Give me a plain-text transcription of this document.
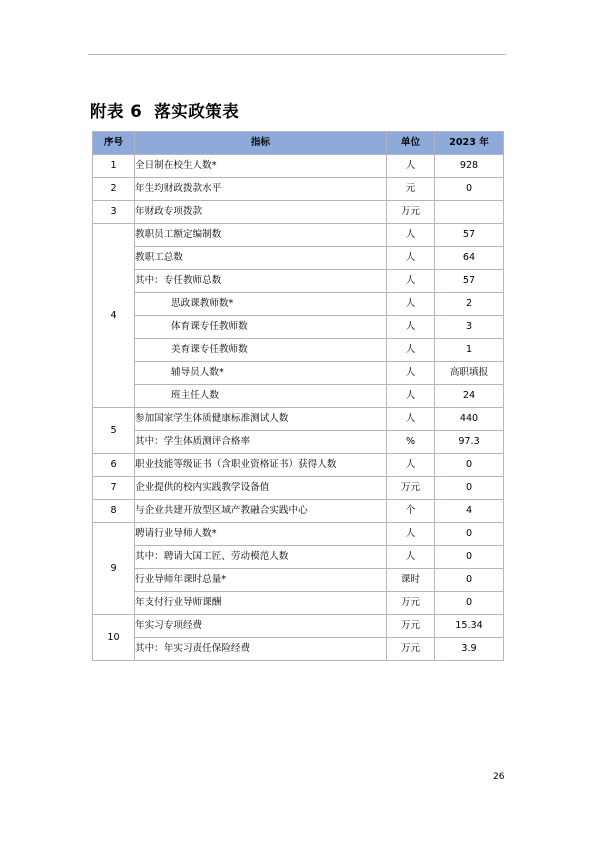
附表 6 落实政策表
序号	指标	单位	2023 年
1	全日制在校生人数*	人	928
2	年生均财政拨款水平	元	0
3	年财政专项拨款	万元	
4	教职员工额定编制数	人	57
	教职工总数	人	64
	其中：专任教师总数	人	57
	思政课教师数*	人	2
	体育课专任教师数	人	3
	美育课专任教师数	人	1
	辅导员人数*	人	高职填报
	班主任人数	人	24
5	参加国家学生体质健康标准测试人数	人	440
	其中：学生体质测评合格率	%	97.3
6	职业技能等级证书（含职业资格证书）获得人数	人	0
7	企业提供的校内实践教学设备值	万元	0
8	与企业共建开放型区域产教融合实践中心	个	4
9	聘请行业导师人数*	人	0
	其中：聘请大国工匠、劳动模范人数	人	0
	行业导师年课时总量*	课时	0
	年支付行业导师课酬	万元	0
10	年实习专项经费	万元	15.34
	其中：年实习责任保险经费	万元	3.9
26
